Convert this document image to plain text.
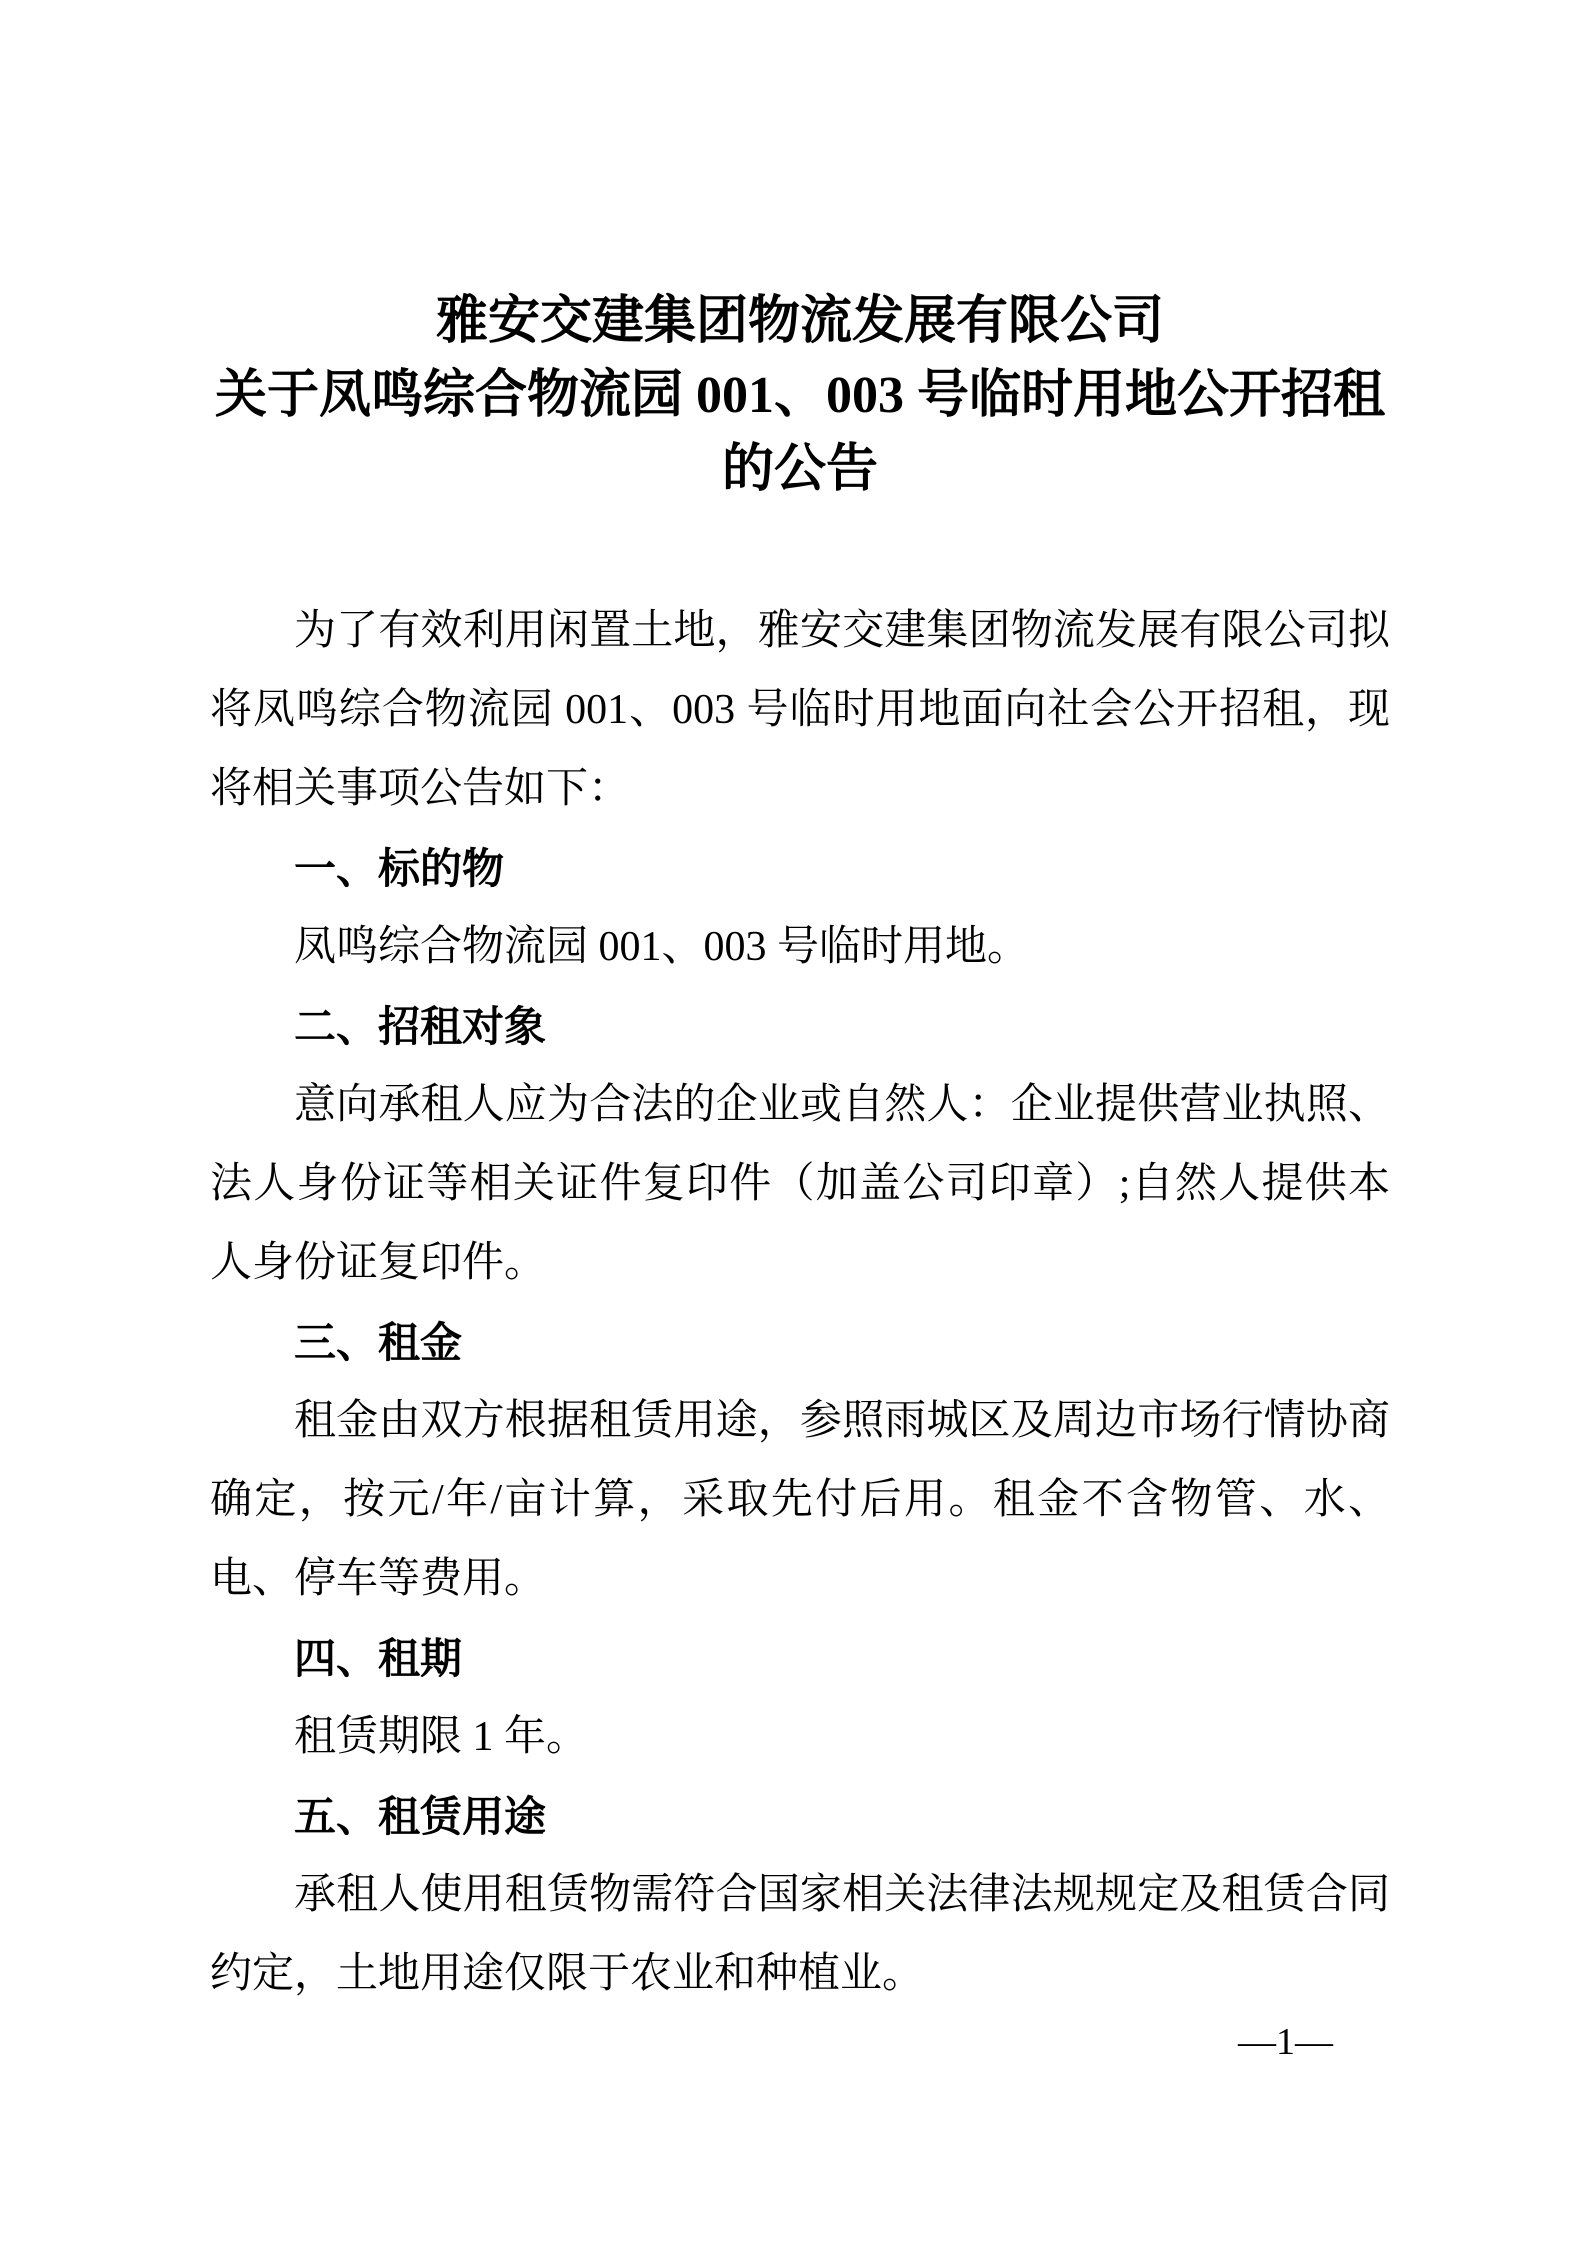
雅安交建集团物流发展有限公司
关于凤鸣综合物流园 001、003 号临时用地公开招租
的公告

为了有效利用闲置土地，雅安交建集团物流发展有限公司拟将凤鸣综合物流园 001、003 号临时用地面向社会公开招租，现将相关事项公告如下：

一、标的物

凤鸣综合物流园 001、003 号临时用地。

二、招租对象

意向承租人应为合法的企业或自然人：企业提供营业执照、法人身份证等相关证件复印件（加盖公司印章）;自然人提供本人身份证复印件。

三、租金

租金由双方根据租赁用途，参照雨城区及周边市场行情协商确定，按元/年/亩计算，采取先付后用。租金不含物管、水、电、停车等费用。

四、租期

租赁期限 1 年。

五、租赁用途

承租人使用租赁物需符合国家相关法律法规规定及租赁合同约定，土地用途仅限于农业和种植业。

—1—
